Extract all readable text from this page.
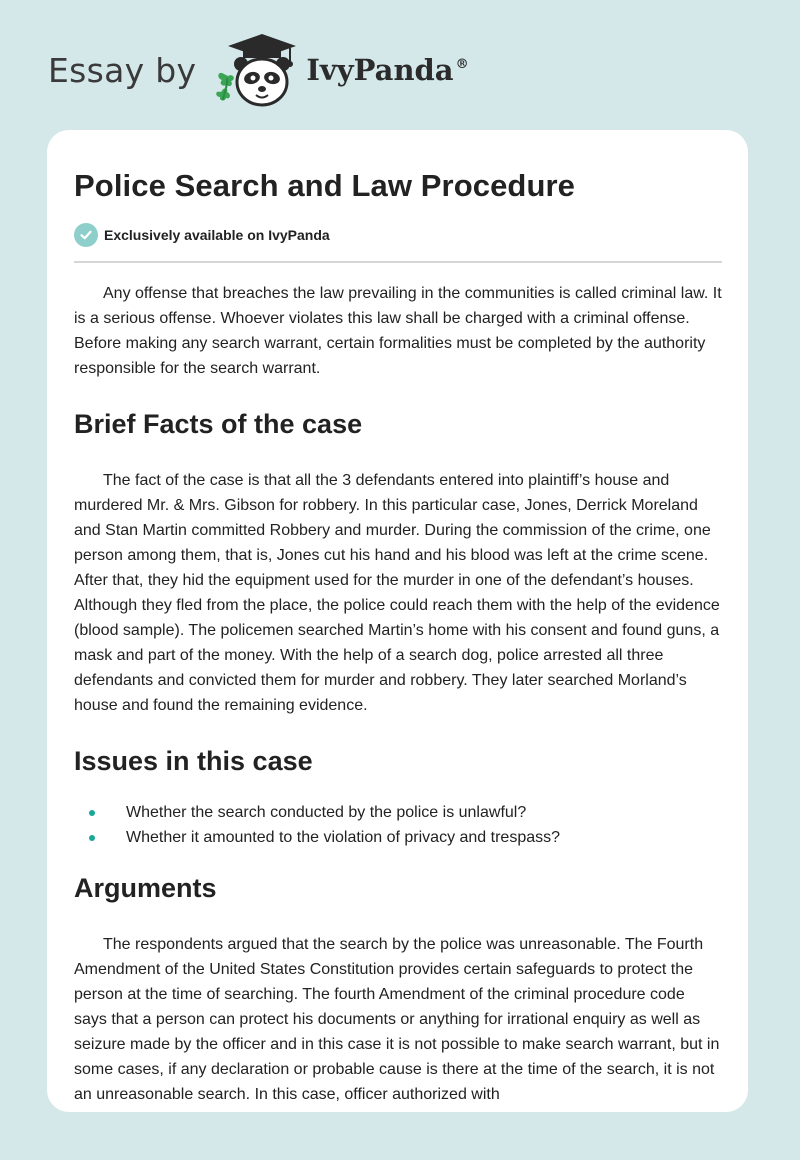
Essay by	IvyPanda ®
Police Search and Law Procedure
Exclusively available on IvyPanda

Any offense that breaches the law prevailing in the communities is called criminal law. It is a serious offense. Whoever violates this law shall be charged with a criminal offense. Before making any search warrant, certain formalities must be completed by the authority responsible for the search warrant.

Brief Facts of the case

The fact of the case is that all the 3 defendants entered into plaintiff’s house and murdered Mr. & Mrs. Gibson for robbery. In this particular case, Jones, Derrick Moreland and Stan Martin committed Robbery and murder. During the commission of the crime, one person among them, that is, Jones cut his hand and his blood was left at the crime scene. After that, they hid the equipment used for the murder in one of the defendant’s houses. Although they fled from the place, the police could reach them with the help of the evidence (blood sample). The policemen searched Martin’s home with his consent and found guns, a mask and part of the money. With the help of a search dog, police arrested all three defendants and convicted them for murder and robbery. They later searched Morland’s house and found the remaining evidence.

Issues in this case
Whether the search conducted by the police is unlawful?
Whether it amounted to the violation of privacy and trespass?
Arguments

The respondents argued that the search by the police was unreasonable. The Fourth Amendment of the United States Constitution provides certain safeguards to protect the person at the time of searching. The fourth Amendment of the criminal procedure code says that a person can protect his documents or anything for irrational enquiry as well as seizure made by the officer and in this case it is not possible to make search warrant, but in some cases, if any declaration or probable cause is there at the time of the search, it is not an unreasonable search. In this case, officer authorized with
